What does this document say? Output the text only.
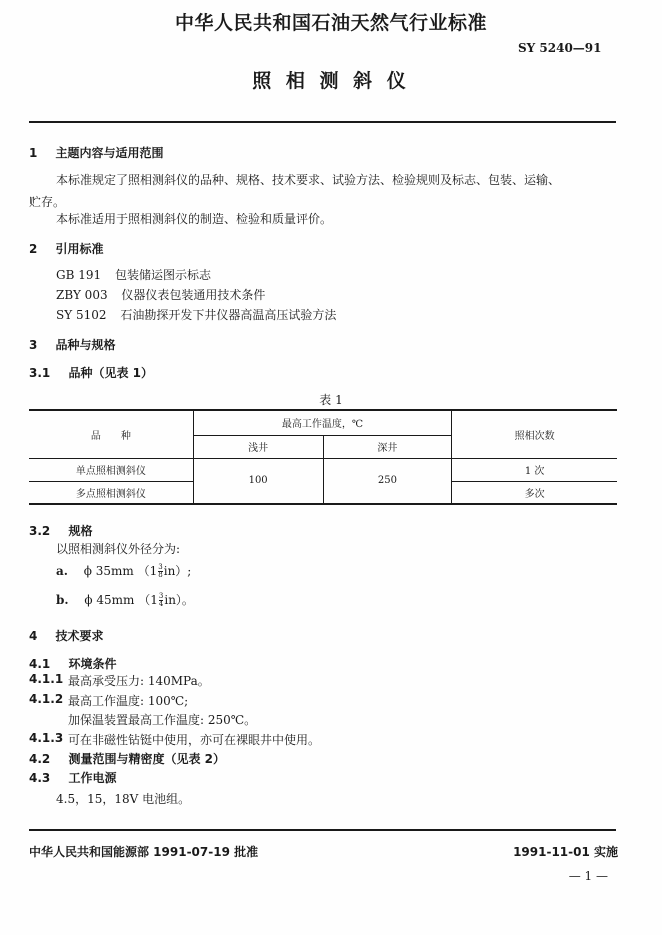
中华人民共和国石油天然气行业标准
SY 5240—91
照 相 测 斜 仪
1 主题内容与适用范围
本标准规定了照相测斜仪的品种、规格、技术要求、试验方法、检验规则及标志、包装、运输、
贮存。
本标准适用于照相测斜仪的制造、检验和质量评价。
2 引用标准
GB 191 包装储运图示标志
ZBY 003 仪器仪表包装通用技术条件
SY 5102 石油勘探开发下井仪器高温高压试验方法
3 品种与规格
3.1 品种（见表 1）
表 1
品　　种	最高工作温度，℃		照相次数
	浅井	深井	
单点照相测斜仪	100	250	1 次
多点照相测斜仪			多次
3.2 规格
以照相测斜仪外径分为:
a. ϕ 35mm $(1 \frac{3}{8} in)$;
b. ϕ 45mm $(1 \frac{3}{4} in)$。
4 技术要求
4.1 环境条件
4.1.1 最高承受压力: 140MPa。
4.1.2 最高工作温度: 100℃;
加保温装置最高工作温度: 250℃。
4.1.3 可在非磁性钻铤中使用，亦可在裸眼井中使用。
4.2 测量范围与精密度（见表 2）
4.3 工作电源
4.5，15，18V 电池组。
中华人民共和国能源部 1991-07-19 批准	1991-11-01 实施
— 1 —
